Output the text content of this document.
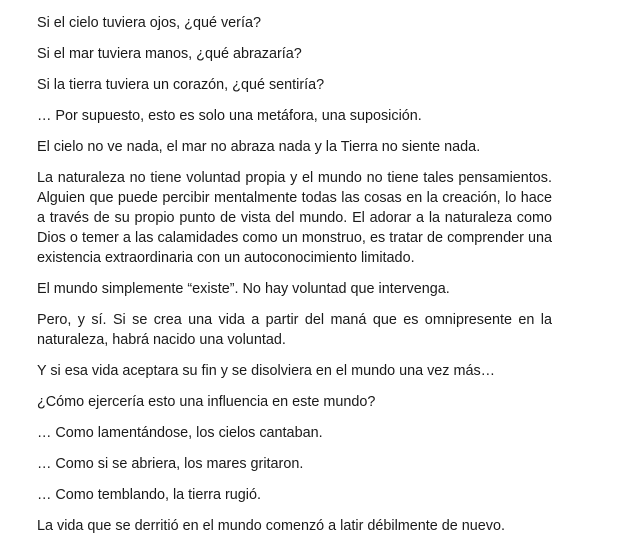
Si el cielo tuviera ojos, ¿qué vería?

Si el mar tuviera manos, ¿qué abrazaría?

Si la tierra tuviera un corazón, ¿qué sentiría?

… Por supuesto, esto es solo una metáfora, una suposición.

El cielo no ve nada, el mar no abraza nada y la Tierra no siente nada.

La naturaleza no tiene voluntad propia y el mundo no tiene tales pensamientos. Alguien que puede percibir mentalmente todas las cosas en la creación, lo hace a través de su propio punto de vista del mundo. El adorar a la naturaleza como Dios o temer a las calamidades como un monstruo, es tratar de comprender una existencia extraordinaria con un autoconocimiento limitado.

El mundo simplemente “existe”. No hay voluntad que intervenga.

Pero, y sí. Si se crea una vida a partir del maná que es omnipresente en la naturaleza, habrá nacido una voluntad.

Y si esa vida aceptara su fin y se disolviera en el mundo una vez más…

¿Cómo ejercería esto una influencia en este mundo?

… Como lamentándose, los cielos cantaban.

… Como si se abriera, los mares gritaron.

… Como temblando, la tierra rugió.

La vida que se derritió en el mundo comenzó a latir débilmente de nuevo.
